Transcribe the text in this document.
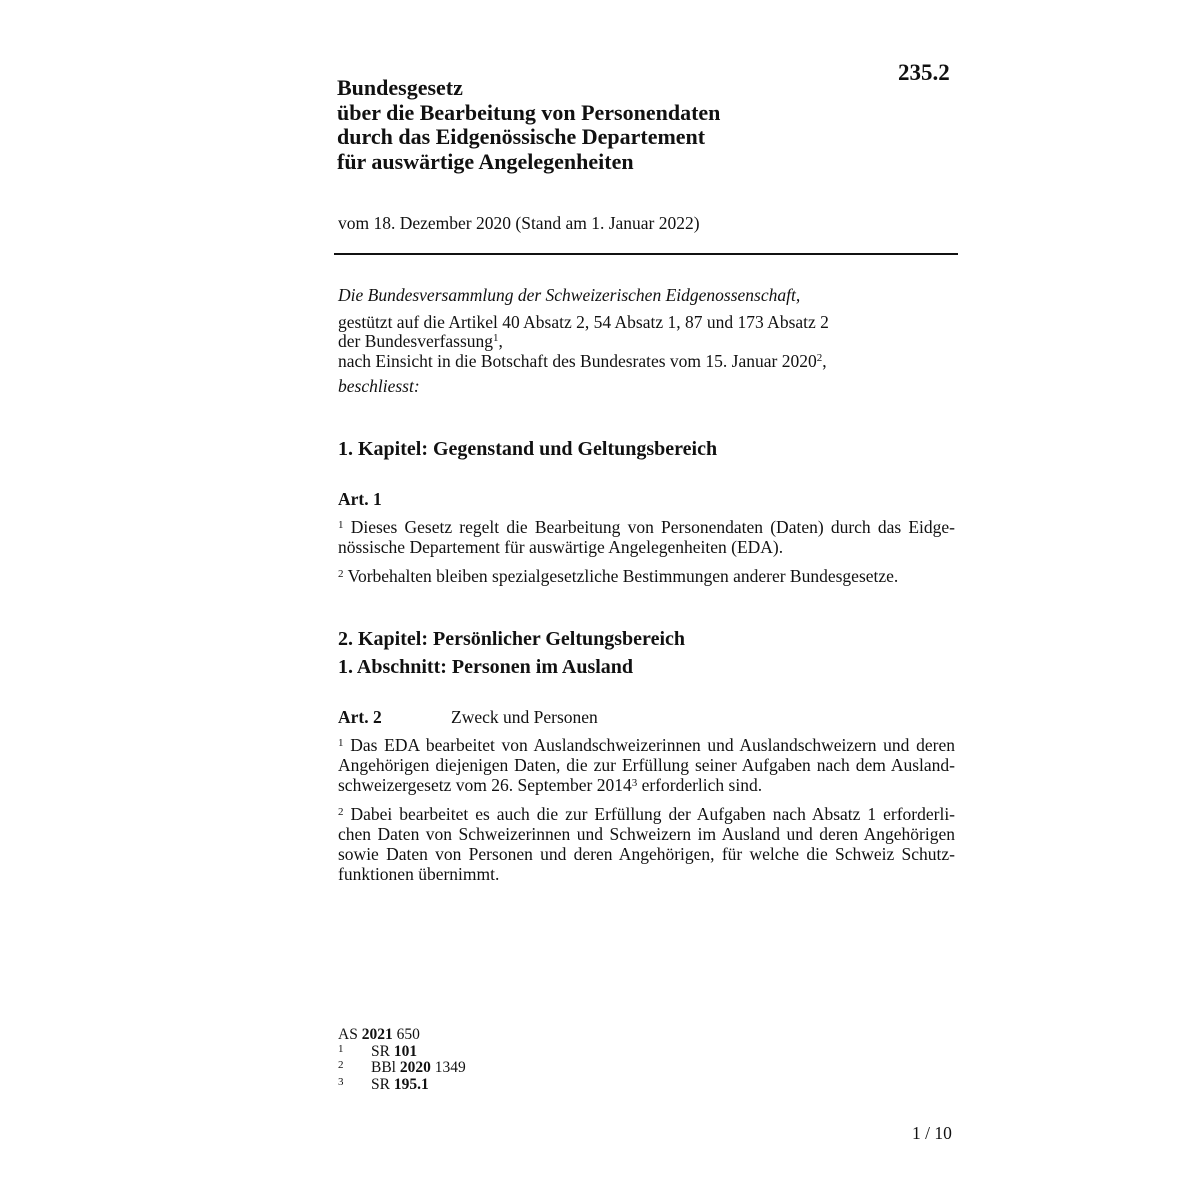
235.2
Bundesgesetz
über die Bearbeitung von Personendaten
durch das Eidgenössische Departement
für auswärtige Angelegenheiten
vom 18. Dezember 2020 (Stand am 1. Januar 2022)
Die Bundesversammlung der Schweizerischen Eidgenossenschaft,
gestützt auf die Artikel 40 Absatz 2, 54 Absatz 1, 87 und 173 Absatz 2
der Bundesverfassung$^1$,
nach Einsicht in die Botschaft des Bundesrates vom 15. Januar 2020$^2$,
beschliesst:
1. Kapitel: Gegenstand und Geltungsbereich
Art. 1
$^1$ Dieses Gesetz regelt die Bearbeitung von Personendaten (Daten) durch das Eidge-
nössische Departement für auswärtige Angelegenheiten (EDA).
$^2$ Vorbehalten bleiben spezialgesetzliche Bestimmungen anderer Bundesgesetze.
2. Kapitel: Persönlicher Geltungsbereich
1. Abschnitt: Personen im Ausland
Art. 2	Zweck und Personen
$^1$ Das EDA bearbeitet von Auslandschweizerinnen und Auslandschweizern und deren
Angehörigen diejenigen Daten, die zur Erfüllung seiner Aufgaben nach dem Ausland-
schweizergesetz vom 26. September 2014$^3$ erforderlich sind.
$^2$ Dabei bearbeitet es auch die zur Erfüllung der Aufgaben nach Absatz 1 erforderli-
chen Daten von Schweizerinnen und Schweizern im Ausland und deren Angehörigen
sowie Daten von Personen und deren Angehörigen, für welche die Schweiz Schutz-
funktionen übernimmt.
AS 2021 650
1 SR 101
2 BBl 2020 1349
3 SR 195.1
1 / 10
